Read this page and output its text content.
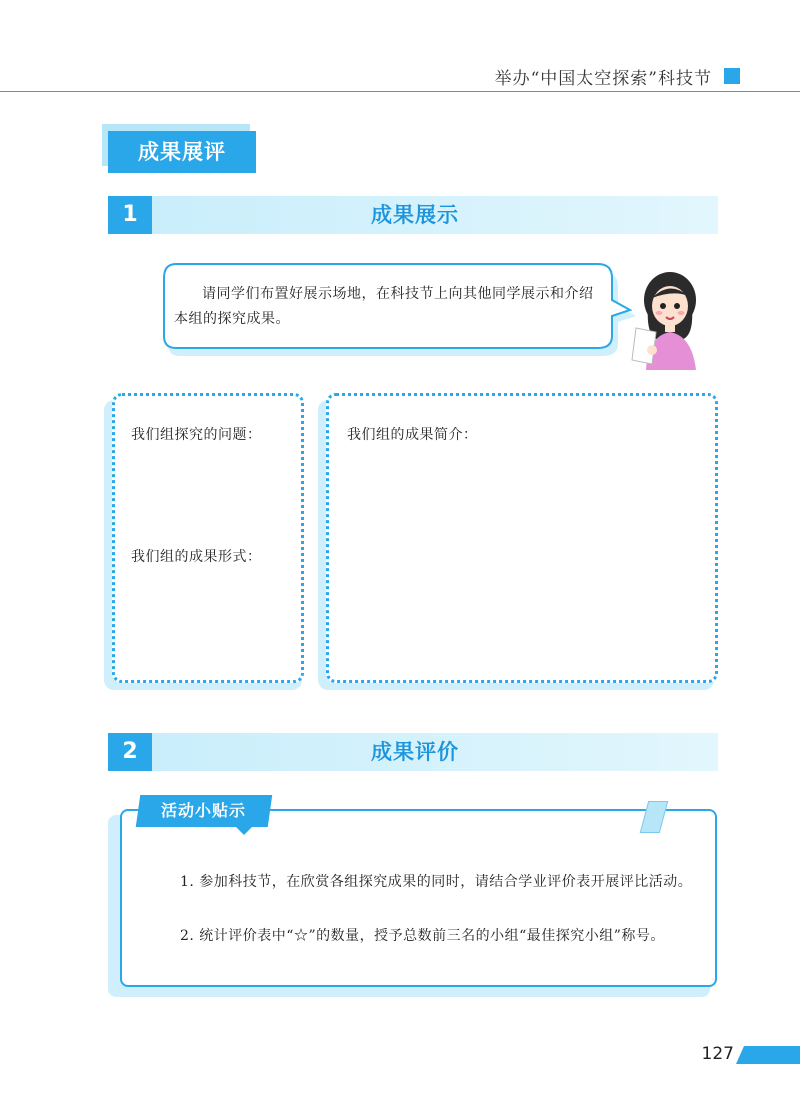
举办“中国太空探索”科技节
成果展评
1	成果展示
请同学们布置好展示场地，在科技节上向其他同学展示和介绍本组的探究成果。
我们组探究的问题：
我们组的成果形式：
我们组的成果简介：
2	成果评价
1. 参加科技节，在欣赏各组探究成果的同时，请结合学业评价表开展评比活动。
2. 统计评价表中“☆”的数量，授予总数前三名的小组“最佳探究小组”称号。
活动小贴示
127
